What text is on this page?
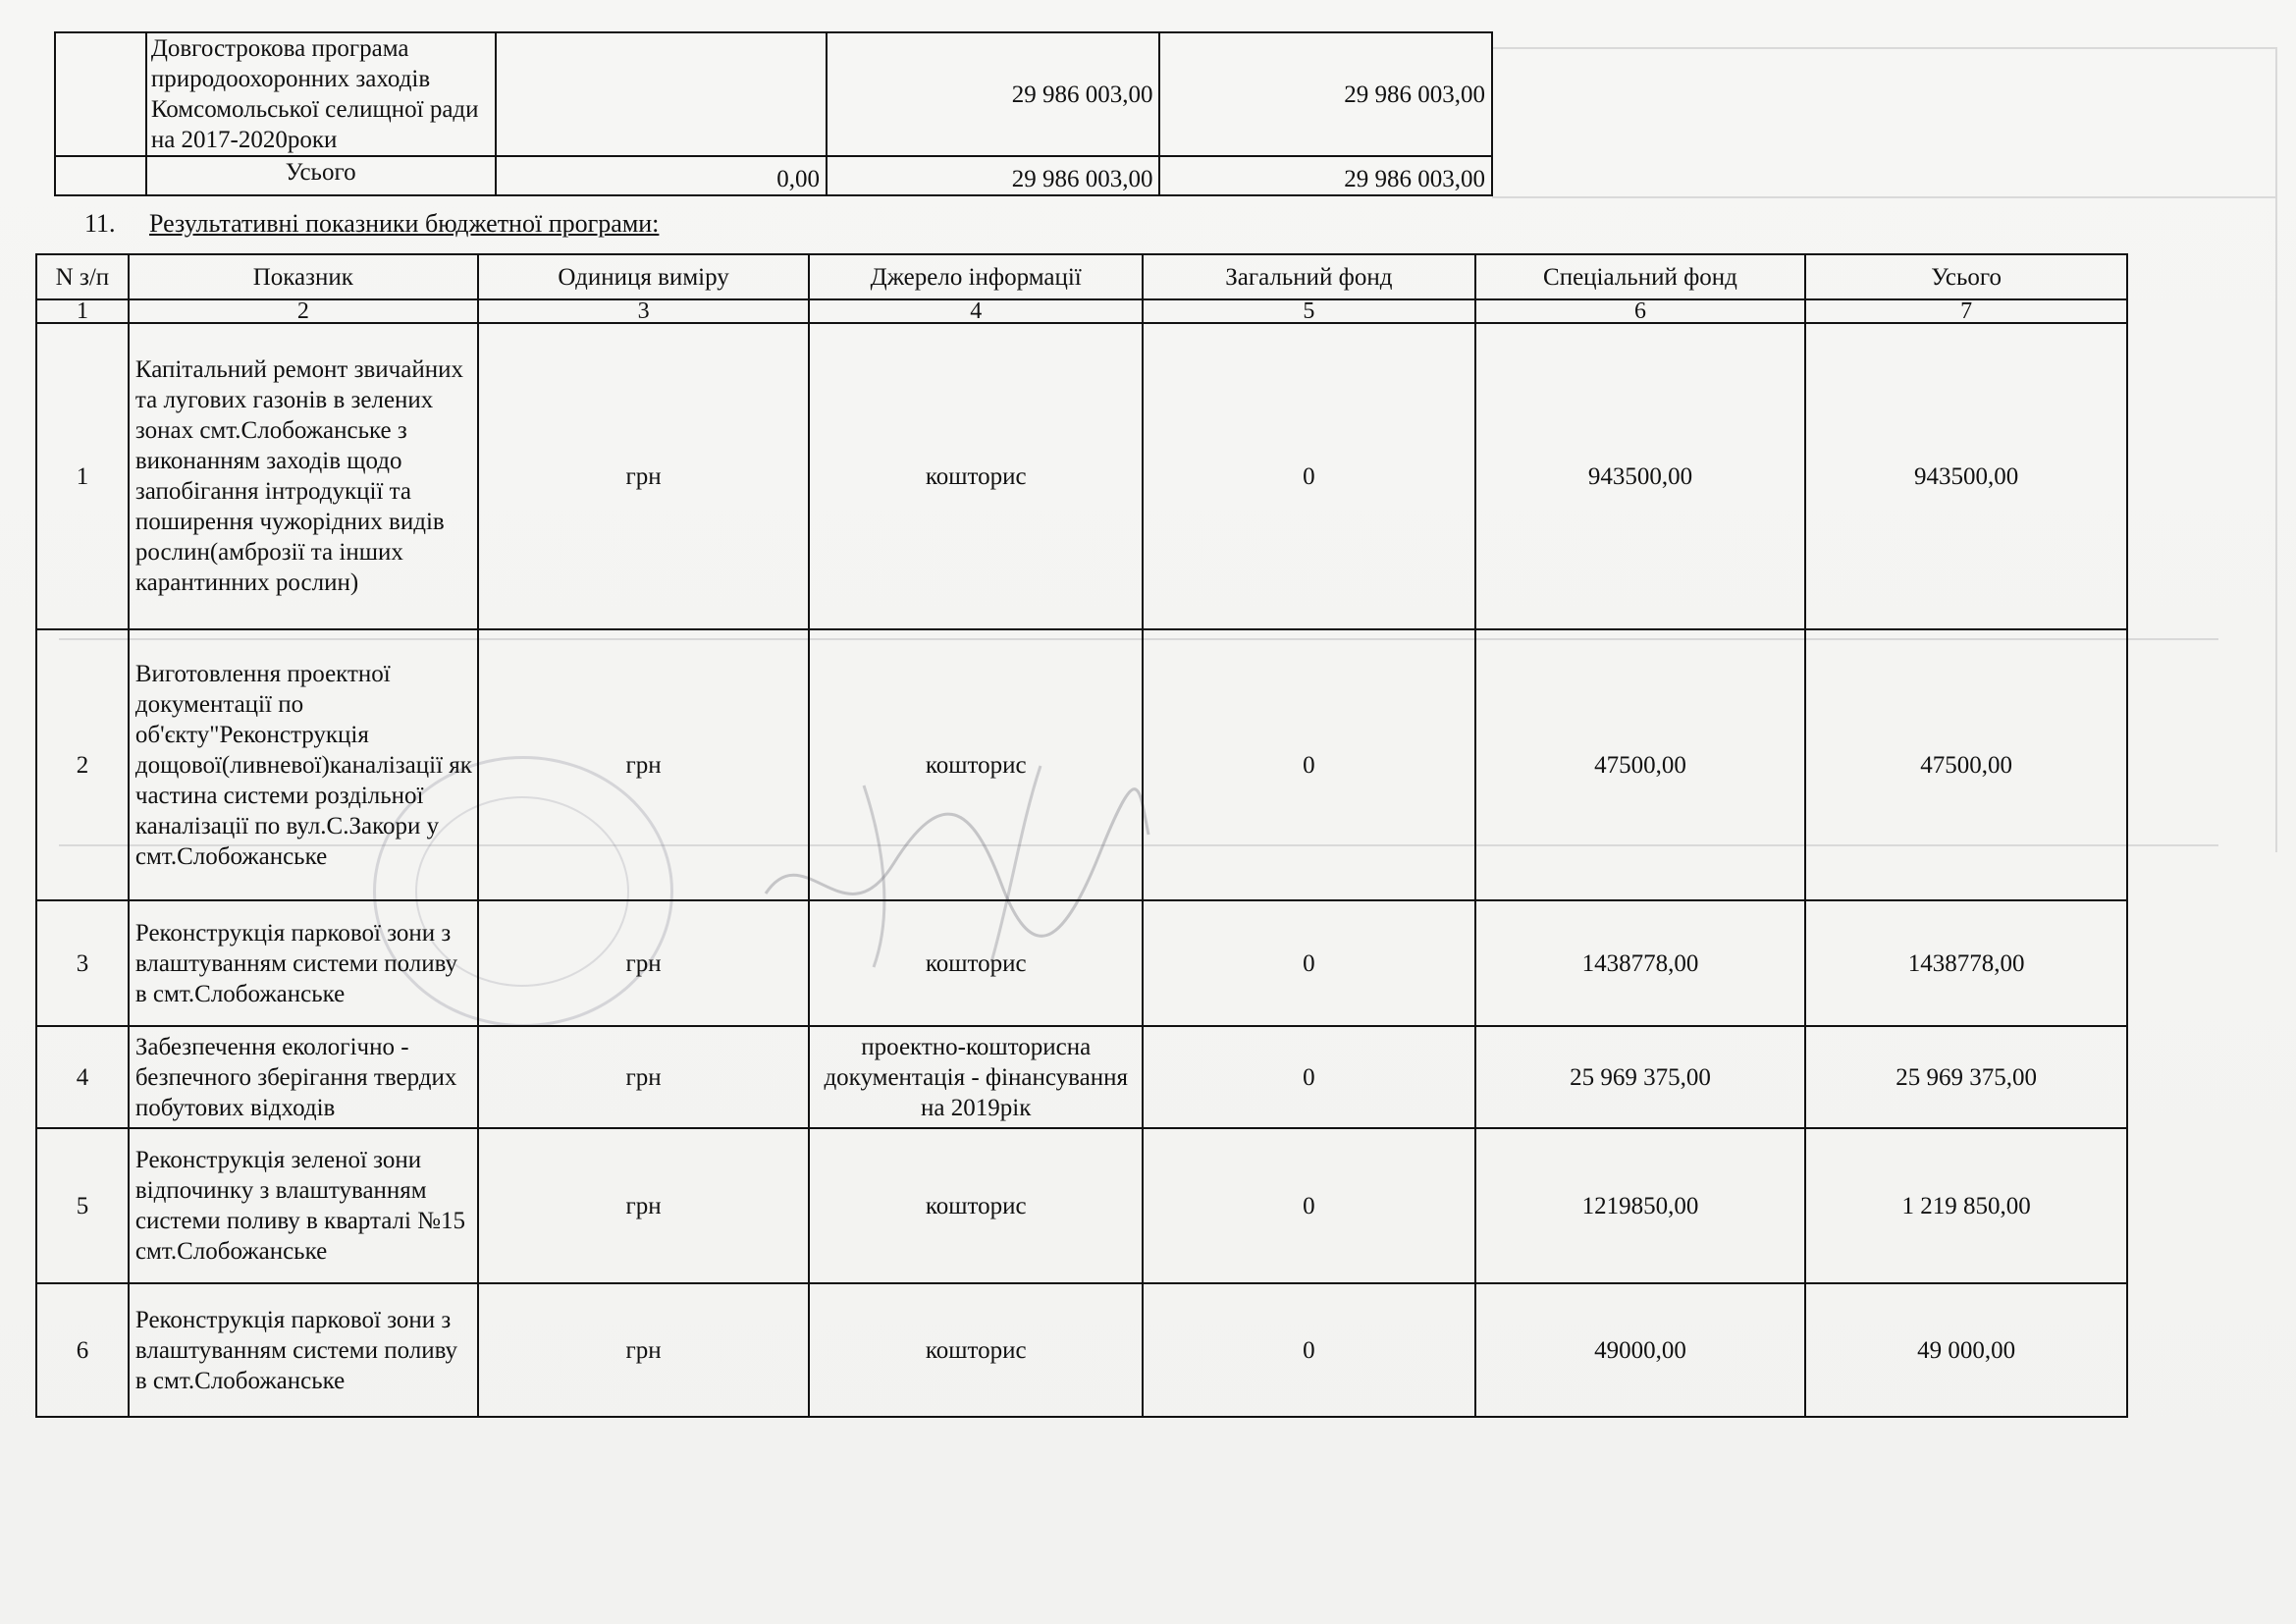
	Довгострокова програма природоохоронних заходів Комсомольської селищної ради на 2017-2020роки		29 986 003,00	29 986 003,00
	Усього	0,00	29 986 003,00	29 986 003,00
11. Результативні показники бюджетної програми:
N з/п	Показник	Одиниця виміру	Джерело інформації	Загальний фонд	Спеціальний фонд	Усього
1	2	3	4	5	6	7
1	Капітальний ремонт звичайних та лугових газонів в зелених зонах смт.Слобожанське з виконанням заходів щодо запобігання інтродукції та поширення чужорідних видів рослин(амброзії та інших карантинних рослин)	грн	кошторис	0	943500,00	943500,00
2	Виготовлення проектної документації по об'єкту"Реконструкція дощової(ливневої)каналізації як частина системи роздільної каналізації по вул.С.Закори у смт.Слобожанське	грн	кошторис	0	47500,00	47500,00
3	Реконструкція паркової зони з влаштуванням системи поливу в смт.Слобожанське	грн	кошторис	0	1438778,00	1438778,00
4	Забезпечення екологічно - безпечного зберігання твердих побутових відходів	грн	проектно-кошторисна документація - фінансування на 2019рік	0	25 969 375,00	25 969 375,00
5	Реконструкція зеленої зони відпочинку з влаштуванням системи поливу в кварталі №15 смт.Слобожанське	грн	кошторис	0	1219850,00	1 219 850,00
6	Реконструкція паркової зони з влаштуванням системи поливу в смт.Слобожанське	грн	кошторис	0	49000,00	49 000,00
